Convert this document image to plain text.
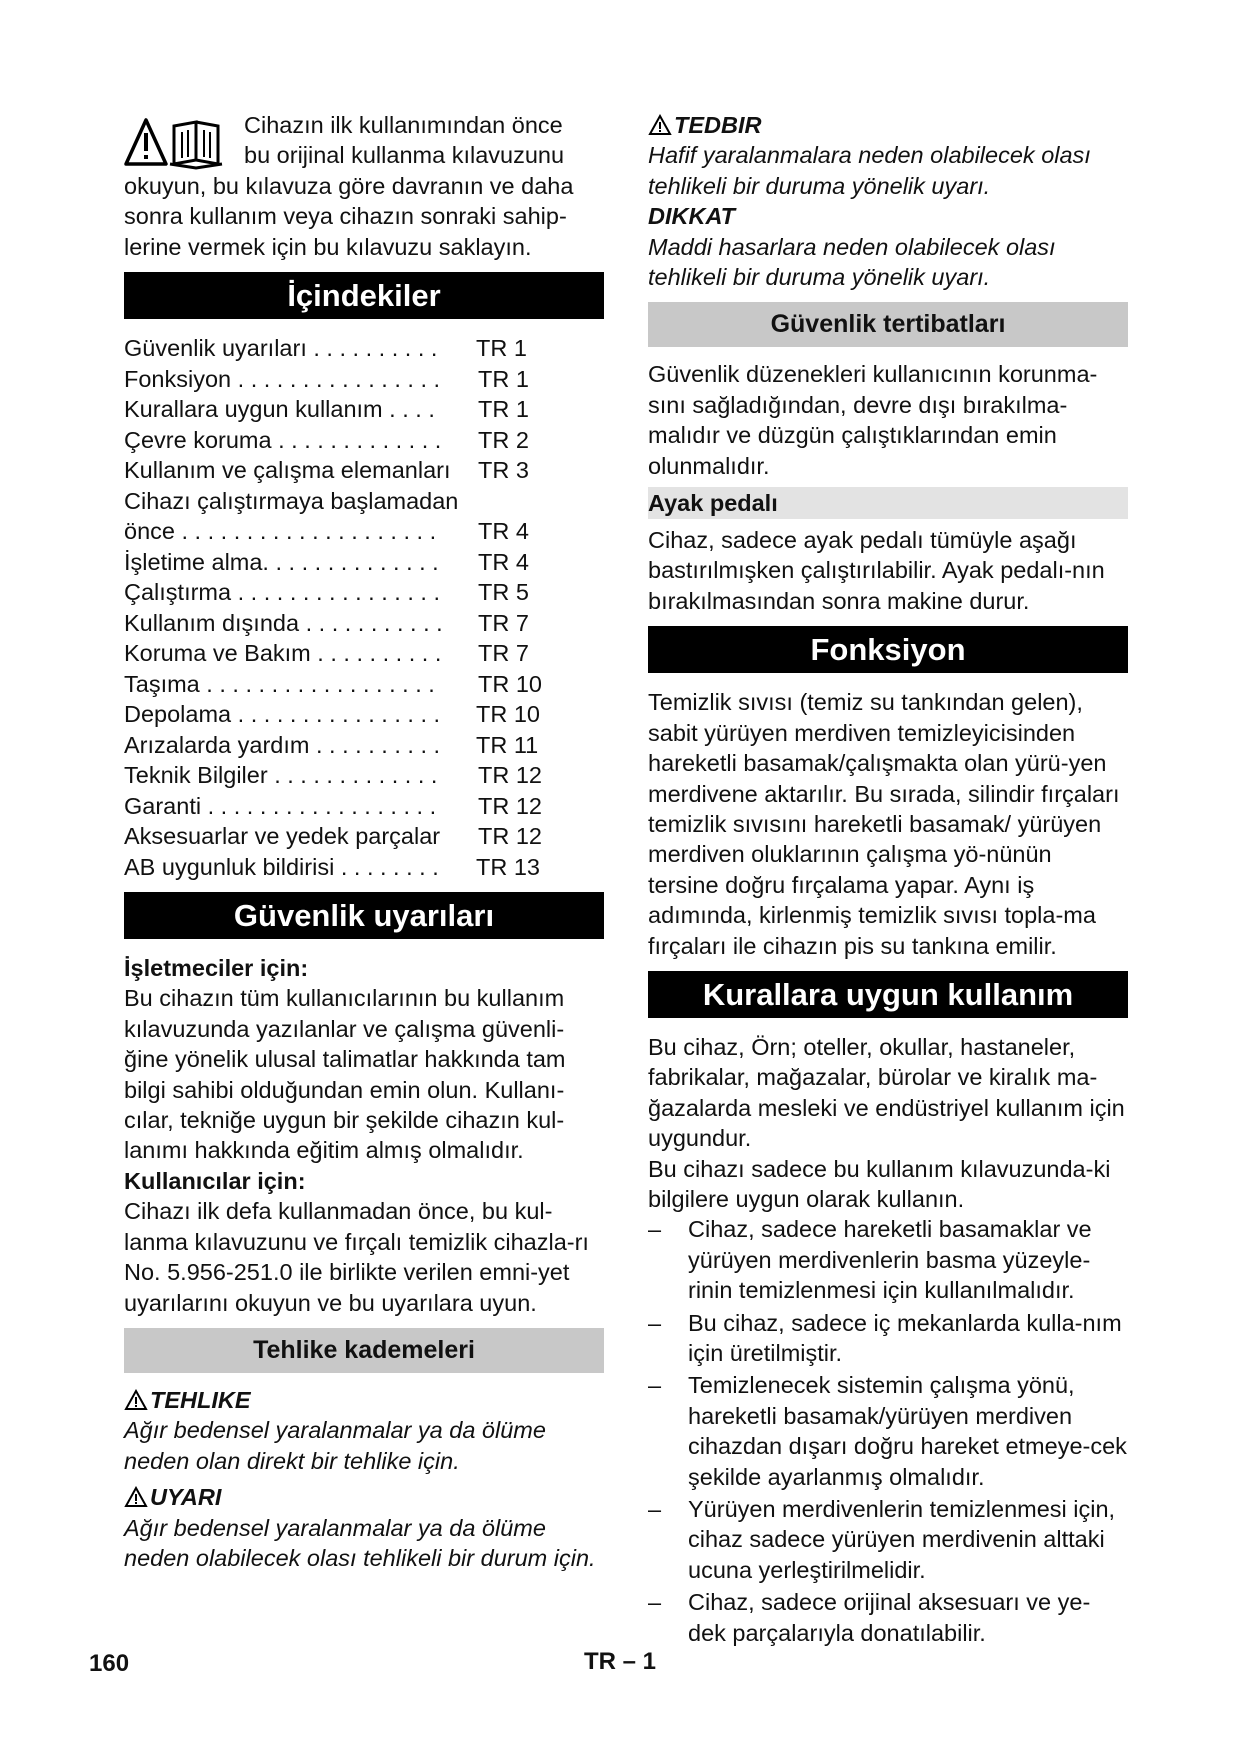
Cihazın ilk kullanımından önce

bu orijinal kullanma kılavuzunu

okuyun, bu kılavuza göre davranın ve daha

sonra kullanım veya cihazın sonraki sahip-

lerine vermek için bu kılavuzu saklayın.

İçindekiler
Güvenlik uyarıları . . . . . . . . . . TR 1
Fonksiyon . . . . . . . . . . . . . . . . TR 1
Kurallara uygun kullanım . . . . TR 1
Çevre koruma . . . . . . . . . . . . . TR 2
Kullanım ve çalışma elemanları TR 3
Cihazı çalıştırmaya başlamadan önce . . . . . . . . . . . . . . . . . . . .	TR 4
İşletime alma. . . . . . . . . . . . . . TR 4
Çalıştırma . . . . . . . . . . . . . . . . TR 5
Kullanım dışında . . . . . . . . . . . TR 7
Koruma ve Bakım . . . . . . . . . . TR 7
Taşıma . . . . . . . . . . . . . . . . . . TR 10
Depolama . . . . . . . . . . . . . . . . TR 10
Arızalarda yardım . . . . . . . . . . TR 11
Teknik Bilgiler . . . . . . . . . . . . . TR 12
Garanti . . . . . . . . . . . . . . . . . . TR 12
Aksesuarlar ve yedek parçalar TR 12
AB uygunluk bildirisi . . . . . . . . TR 13
Güvenlik uyarıları

İşletmeciler için:

Bu cihazın tüm kullanıcılarının bu kullanım kılavuzunda yazılanlar ve çalışma güvenli-ğine yönelik ulusal talimatlar hakkında tam bilgi sahibi olduğundan emin olun. Kullanı-cılar, tekniğe uygun bir şekilde cihazın kul-lanımı hakkında eğitim almış olmalıdır.

Kullanıcılar için:

Cihazı ilk defa kullanmadan önce, bu kul-lanma kılavuzunu ve fırçalı temizlik cihazla-rı No. 5.956-251.0 ile birlikte verilen emni-yet uyarılarını okuyun ve bu uyarılara uyun.

Tehlike kademeleri
TEHLIKE

Ağır bedensel yaralanmalar ya da ölüme neden olan direkt bir tehlike için.

UYARI

Ağır bedensel yaralanmalar ya da ölüme neden olabilecek olası tehlikeli bir durum için.

TEDBIR

Hafif yaralanmalara neden olabilecek olası tehlikeli bir duruma yönelik uyarı.

DIKKAT

Maddi hasarlara neden olabilecek olası tehlikeli bir duruma yönelik uyarı.

Güvenlik tertibatları

Güvenlik düzenekleri kullanıcının korunma-sını sağladığından, devre dışı bırakılma-malıdır ve düzgün çalıştıklarından emin olunmalıdır.

Ayak pedalı

Cihaz, sadece ayak pedalı tümüyle aşağı bastırılmışken çalıştırılabilir. Ayak pedalı-nın bırakılmasından sonra makine durur.

Fonksiyon

Temizlik sıvısı (temiz su tankından gelen), sabit yürüyen merdiven temizleyicisinden hareketli basamak/çalışmakta olan yürü-yen merdivene aktarılır. Bu sırada, silindir fırçaları temizlik sıvısını hareketli basamak/ yürüyen merdiven oluklarının çalışma yö-nünün tersine doğru fırçalama yapar. Aynı iş adımında, kirlenmiş temizlik sıvısı topla-ma fırçaları ile cihazın pis su tankına emilir.

Kurallara uygun kullanım

Bu cihaz, Örn; oteller, okullar, hastaneler, fabrikalar, mağazalar, bürolar ve kiralık ma-ğazalarda mesleki ve endüstriyel kullanım için uygundur.

Bu cihazı sadece bu kullanım kılavuzunda-ki bilgilere uygun olarak kullanın.

– Cihaz, sadece hareketli basamaklar ve yürüyen merdivenlerin basma yüzeyle-rinin temizlenmesi için kullanılmalıdır.
– Bu cihaz, sadece iç mekanlarda kulla-nım için üretilmiştir.
– Temizlenecek sistemin çalışma yönü, hareketli basamak/yürüyen merdiven cihazdan dışarı doğru hareket etmeye-cek şekilde ayarlanmış olmalıdır.
– Yürüyen merdivenlerin temizlenmesi için, cihaz sadece yürüyen merdivenin alttaki ucuna yerleştirilmelidir.
– Cihaz, sadece orijinal aksesuarı ve ye-dek parçalarıyla donatılabilir.
160	TR – 1
